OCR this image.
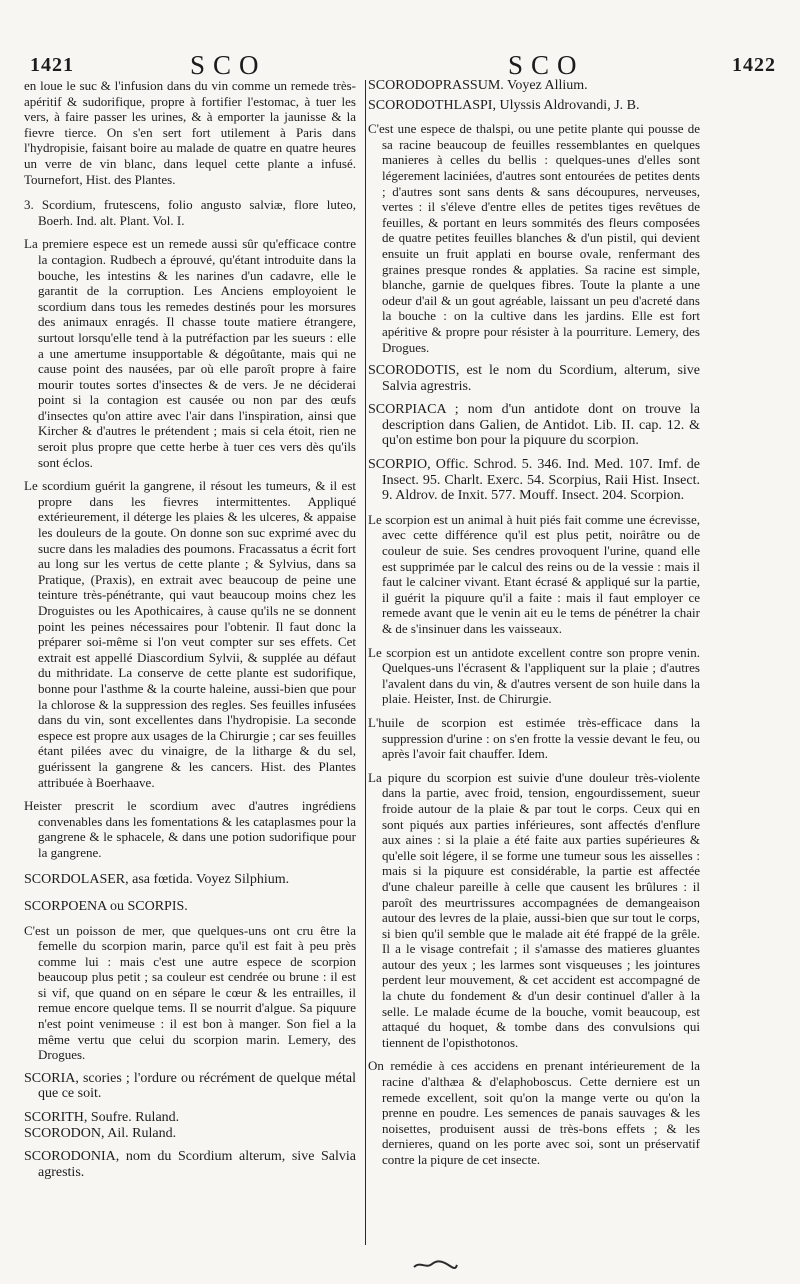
1421	SCO	SCO	1422

en loue le suc & l'infusion dans du vin comme un remede très-apéritif & sudorifique, propre à fortifier l'estomac, à tuer les vers, à faire passer les urines, & à emporter la jaunisse & la fievre tierce. On s'en sert fort utilement à Paris dans l'hydropisie, faisant boire au malade de quatre en quatre heures un verre de vin blanc, dans lequel cette plante a infusé. Tournefort, Hist. des Plantes.

3. Scordium, frutescens, folio angusto salviæ, flore luteo, Boerh. Ind. alt. Plant. Vol. I.

La premiere espece est un remede aussi sûr qu'efficace contre la contagion. Rudbech a éprouvé, qu'étant introduite dans la bouche, les intestins & les narines d'un cadavre, elle le garantit de la corruption. Les Anciens employoient le scordium dans tous les remedes destinés pour les morsures des animaux enragés. Il chasse toute matiere étrangere, surtout lorsqu'elle tend à la putréfaction par les sueurs : elle a une amertume insupportable & dégoûtante, mais qui ne cause point des nausées, par où elle paroît propre à faire mourir toutes sortes d'insectes & de vers. Je ne déciderai point si la contagion est causée ou non par des œufs d'insectes qu'on attire avec l'air dans l'inspiration, ainsi que Kircher & d'autres le prétendent ; mais si cela étoit, rien ne seroit plus propre que cette herbe à tuer ces vers dès qu'ils sont éclos.

Le scordium guérit la gangrene, il résout les tumeurs, & il est propre dans les fievres intermittentes. Appliqué extérieurement, il déterge les plaies & les ulceres, & appaise les douleurs de la goute. On donne son suc exprimé avec du sucre dans les maladies des poumons. Fracassatus a écrit fort au long sur les vertus de cette plante ; & Sylvius, dans sa Pratique, (Praxis), en extrait avec beaucoup de peine une teinture très-pénétrante, qui vaut beaucoup moins chez les Droguistes ou les Apothicaires, à cause qu'ils ne se donnent point les peines nécessaires pour l'obtenir. Il faut donc la préparer soi-même si l'on veut compter sur ses effets. Cet extrait est appellé Diascordium Sylvii, & supplée au défaut du mithridate. La conserve de cette plante est sudorifique, bonne pour l'asthme & la courte haleine, aussi-bien que pour la chlorose & la suppression des regles. Ses feuilles infusées dans du vin, sont excellentes dans l'hydropisie. La seconde espece est propre aux usages de la Chirurgie ; car ses feuilles étant pilées avec du vinaigre, de la litharge & du sel, guérissent la gangrene & les cancers. Hist. des Plantes attribuée à Boerhaave.

Heister prescrit le scordium avec d'autres ingrédiens convenables dans les fomentations & les cataplasmes pour la gangrene & le sphacele, & dans une potion sudorifique pour la gangrene.

SCORDOLASER, asa fœtida. Voyez Silphium.

SCORPOENA ou SCORPIS.

C'est un poisson de mer, que quelques-uns ont cru être la femelle du scorpion marin, parce qu'il est fait à peu près comme lui : mais c'est une autre espece de scorpion beaucoup plus petit ; sa couleur est cendrée ou brune : il est si vif, que quand on en sépare le cœur & les entrailles, il remue encore quelque tems. Il se nourrit d'algue. Sa piquure n'est point venimeuse : il est bon à manger. Son fiel a la même vertu que celui du scorpion marin. Lemery, des Drogues.

SCORIA, scories ; l'ordure ou récrément de quelque métal que ce soit.

SCORITH, Soufre. Ruland.

SCORODON, Ail. Ruland.

SCORODONIA, nom du Scordium alterum, sive Salvia agrestis.

SCORODOPRASSUM. Voyez Allium.

SCORODOTHLASPI, Ulyssis Aldrovandi, J. B.

C'est une espece de thalspi, ou une petite plante qui pousse de sa racine beaucoup de feuilles ressemblantes en quelques manieres à celles du bellis : quelques-unes d'elles sont légerement laciniées, d'autres sont entourées de petites dents ; d'autres sont sans dents & sans découpures, nerveuses, vertes : il s'éleve d'entre elles de petites tiges revêtues de feuilles, & portant en leurs sommités des fleurs composées de quatre petites feuilles blanches & d'un pistil, qui devient ensuite un fruit applati en bourse ovale, renfermant des graines presque rondes & applaties. Sa racine est simple, blanche, garnie de quelques fibres. Toute la plante a une odeur d'ail & un gout agréable, laissant un peu d'acreté dans la bouche : on la cultive dans les jardins. Elle est fort apéritive & propre pour résister à la pourriture. Lemery, des Drogues.

SCORODOTIS, est le nom du Scordium, alterum, sive Salvia agrestris.

SCORPIACA ; nom d'un antidote dont on trouve la description dans Galien, de Antidot. Lib. II. cap. 12. & qu'on estime bon pour la piquure du scorpion.

SCORPIO, Offic. Schrod. 5. 346. Ind. Med. 107. Imf. de Insect. 95. Charlt. Exerc. 54. Scorpius, Raii Hist. Insect. 9. Aldrov. de Inxit. 577. Mouff. Insect. 204. Scorpion.

Le scorpion est un animal à huit piés fait comme une écrevisse, avec cette différence qu'il est plus petit, noirâtre ou de couleur de suie. Ses cendres provoquent l'urine, quand elle est supprimée par le calcul des reins ou de la vessie : mais il faut le calciner vivant. Etant écrasé & appliqué sur la partie, il guérit la piquure qu'il a faite : mais il faut employer ce remede avant que le venin ait eu le tems de pénétrer la chair & de s'insinuer dans les vaisseaux.

Le scorpion est un antidote excellent contre son propre venin. Quelques-uns l'écrasent & l'appliquent sur la plaie ; d'autres l'avalent dans du vin, & d'autres versent de son huile dans la plaie. Heister, Inst. de Chirurgie.

L'huile de scorpion est estimée très-efficace dans la suppression d'urine : on s'en frotte la vessie devant le feu, ou après l'avoir fait chauffer. Idem.

La piqure du scorpion est suivie d'une douleur très-violente dans la partie, avec froid, tension, engourdissement, sueur froide autour de la plaie & par tout le corps. Ceux qui en sont piqués aux parties inférieures, sont affectés d'enflure aux aines : si la plaie a été faite aux parties supérieures & qu'elle soit légere, il se forme une tumeur sous les aisselles : mais si la piquure est considérable, la partie est affectée d'une chaleur pareille à celle que causent les brûlures : il paroît des meurtrissures accompagnées de demangeaison autour des levres de la plaie, aussi-bien que sur tout le corps, si bien qu'il semble que le malade ait été frappé de la grêle. Il a le visage contrefait ; il s'amasse des matieres gluantes autour des yeux ; les larmes sont visqueuses ; les jointures perdent leur mouvement, & cet accident est accompagné de la chute du fondement & d'un desir continuel d'aller à la selle. Le malade écume de la bouche, vomit beaucoup, est attaqué du hoquet, & tombe dans des convulsions qui tiennent de l'opisthotonos.

On remédie à ces accidens en prenant intérieurement de la racine d'althæa & d'elaphoboscus. Cette derniere est un remede excellent, soit qu'on la mange verte ou qu'on la prenne en poudre. Les semences de panais sauvages & les noisettes, produisent aussi de très-bons effets ; & les dernieres, quand on les porte avec soi, sont un préservatif contre la piqure de cet insecte.
